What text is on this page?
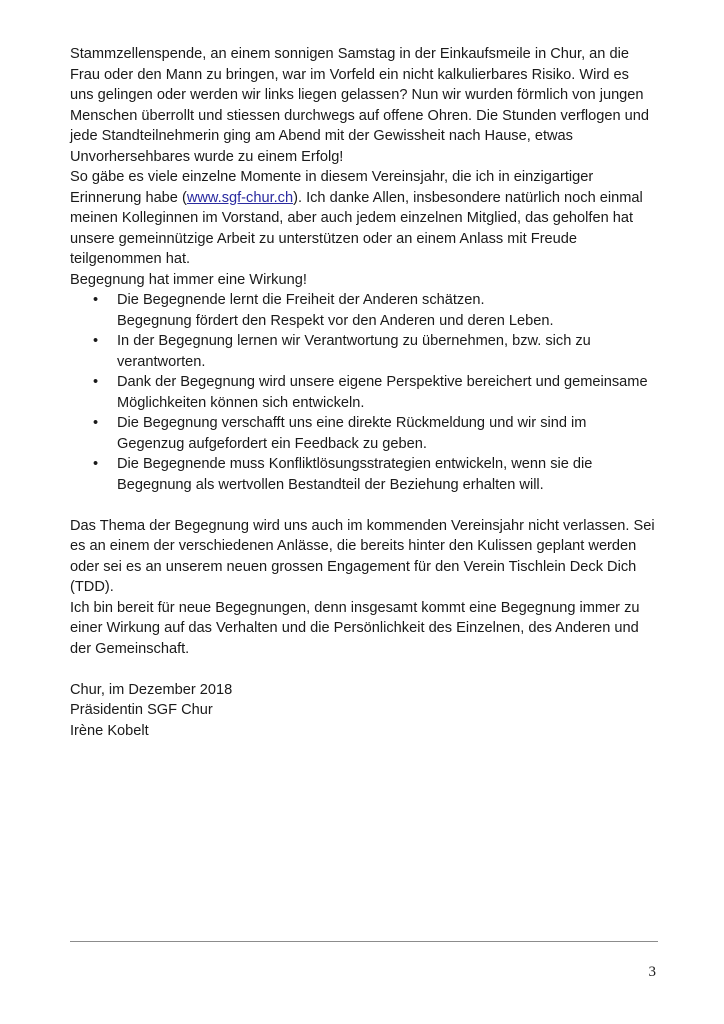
Stammzellenspende, an einem sonnigen Samstag in der Einkaufsmeile in Chur, an die
Frau oder den Mann zu bringen, war im Vorfeld ein nicht kalkulierbares Risiko. Wird es
uns gelingen oder werden wir links liegen gelassen? Nun wir wurden förmlich von jungen
Menschen überrollt und stiessen durchwegs auf offene Ohren. Die Stunden verflogen und
jede Standteilnehmerin ging am Abend mit der Gewissheit nach Hause, etwas
Unvorhersehbares wurde zu einem Erfolg!

So gäbe es viele einzelne Momente in diesem Vereinsjahr, die ich in einzigartiger
Erinnerung habe (www.sgf-chur.ch). Ich danke Allen, insbesondere natürlich noch einmal
meinen Kolleginnen im Vorstand, aber auch jedem einzelnen Mitglied, das geholfen hat
unsere gemeinnützige Arbeit zu unterstützen oder an einem Anlass mit Freude
teilgenommen hat.

Begegnung hat immer eine Wirkung!

• Die Begegnende lernt die Freiheit der Anderen schätzen.
Begegnung fördert den Respekt vor den Anderen und deren Leben.
• In der Begegnung lernen wir Verantwortung zu übernehmen, bzw. sich zu
verantworten.
• Dank der Begegnung wird unsere eigene Perspektive bereichert und gemeinsame
Möglichkeiten können sich entwickeln.
• Die Begegnung verschafft uns eine direkte Rückmeldung und wir sind im
Gegenzug aufgefordert ein Feedback zu geben.
• Die Begegnende muss Konfliktlösungsstrategien entwickeln, wenn sie die
Begegnung als wertvollen Bestandteil der Beziehung erhalten will.

Das Thema der Begegnung wird uns auch im kommenden Vereinsjahr nicht verlassen. Sei
es an einem der verschiedenen Anlässe, die bereits hinter den Kulissen geplant werden
oder sei es an unserem neuen grossen Engagement für den Verein Tischlein Deck Dich
(TDD).

Ich bin bereit für neue Begegnungen, denn insgesamt kommt eine Begegnung immer zu
einer Wirkung auf das Verhalten und die Persönlichkeit des Einzelnen, des Anderen und
der Gemeinschaft.

Chur, im Dezember 2018
Präsidentin SGF Chur
Irène Kobelt

3
